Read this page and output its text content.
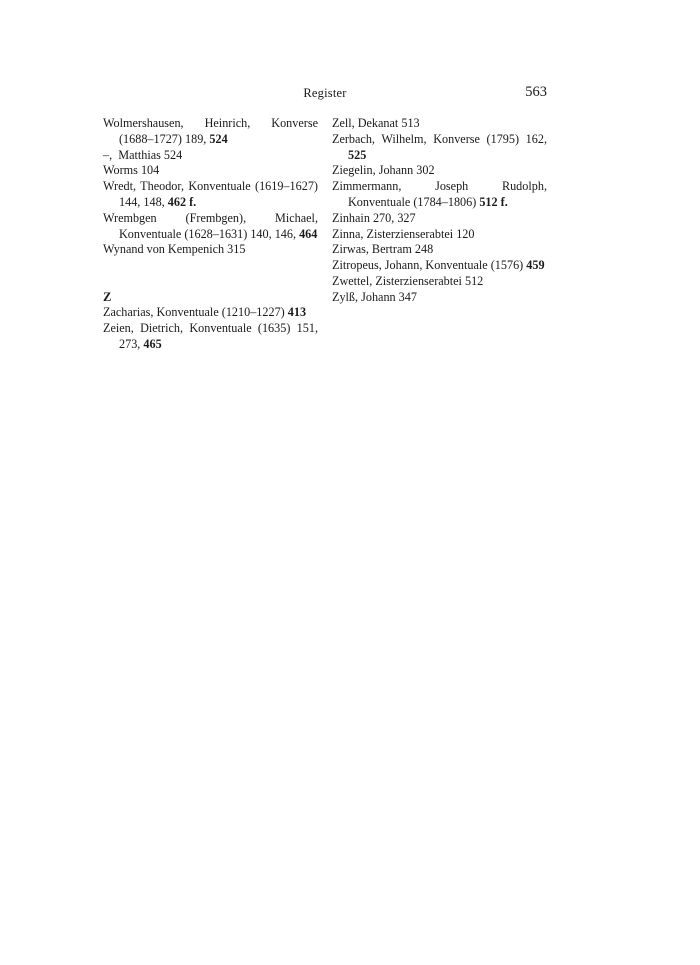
Register	563
Wolmershausen, Heinrich, Konverse (1688–1727) 189, 524
–,  Matthias 524
Worms 104
Wredt, Theodor, Konventuale (1619–1627) 144, 148, 462 f.
Wrembgen (Frembgen), Michael, Konventuale (1628–1631) 140, 146, 464
Wynand von Kempenich 315
Z
Zacharias, Konventuale (1210–1227) 413
Zeien, Dietrich, Konventuale (1635) 151, 273, 465
Zell, Dekanat 513
Zerbach, Wilhelm, Konverse (1795) 162, 525
Ziegelin, Johann 302
Zimmermann, Joseph Rudolph, Konventuale (1784–1806) 512 f.
Zinhain 270, 327
Zinna, Zisterzienserabtei 120
Zirwas, Bertram 248
Zitropeus, Johann, Konventuale (1576) 459
Zwettel, Zisterzienserabtei 512
Zylß, Johann 347
